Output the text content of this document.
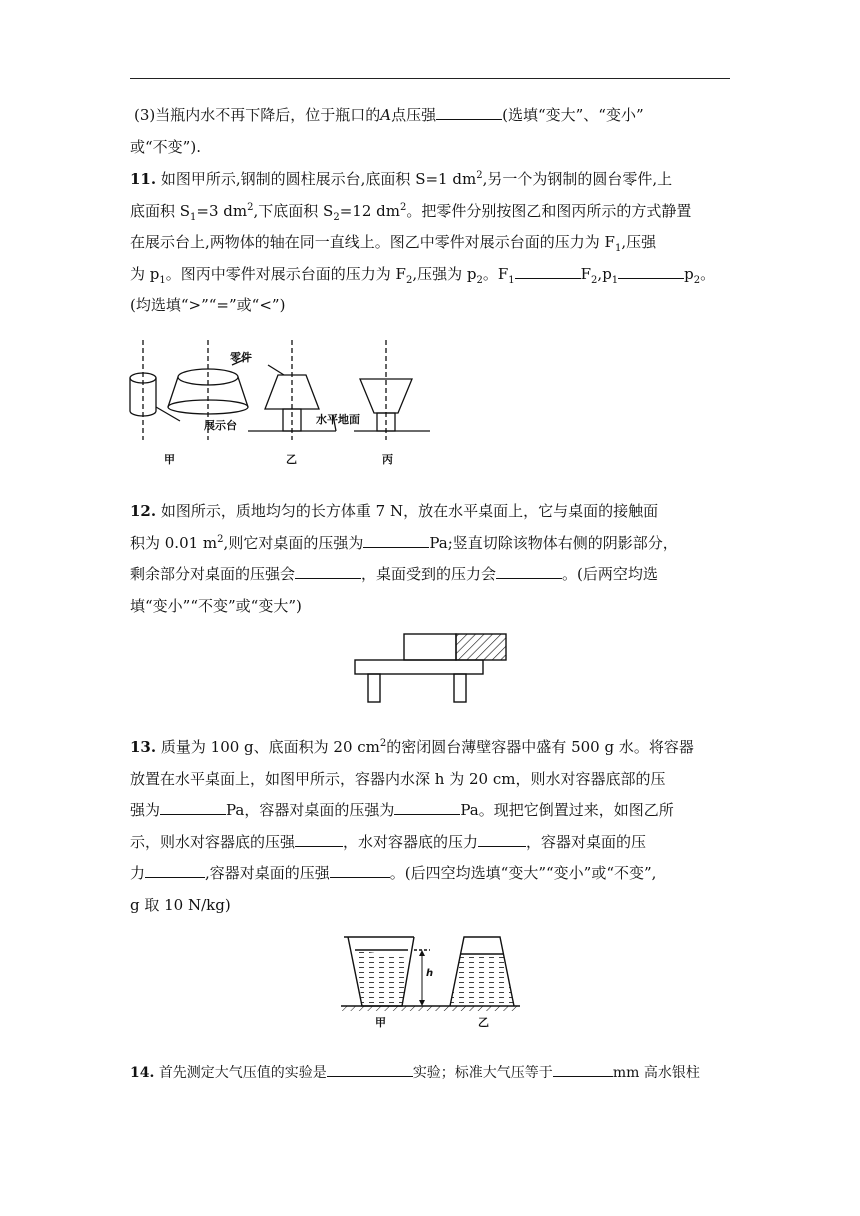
(3)当瓶内水不再下降后，位于瓶口的A点压强	(选填“变大”、“变小”
或“不变”).
11. 如图甲所示,钢制的圆柱展示台,底面积 S=1 $dm^2$,另一个为钢制的圆台零件,上
底面积 $S_1=3$ $dm^2$,下底面积 $S_2=12$ $dm^2$。把零件分别按图乙和图丙所示的方式静置
在展示台上,两物体的轴在同一直线上。图乙中零件对展示台面的压力为 $F_1$,压强
为 $p_1$。图丙中零件对展示台面的压力为 $F_2$,压强为 $p_2$。$F_1$	$F_2,p_1$	$p_2$。
(均选填“>”“=”或“<”)
零件
展示台	水平地面
甲	乙	丙
12. 如图所示，质地均匀的长方体重 7 N，放在水平桌面上，它与桌面的接触面
积为 0.01 $m^2$,则它对桌面的压强为	Pa;竖直切除该物体右侧的阴影部分，
剩余部分对桌面的压强会	，桌面受到的压力会	。(后两空均选
填“变小”“不变”或“变大”)
13. 质量为 100 g、底面积为 20 $cm^2$的密闭圆台薄壁容器中盛有 500 g 水。将容器
放置在水平桌面上，如图甲所示，容器内水深 h 为 20 cm，则水对容器底部的压
强为	Pa，容器对桌面的压强为	Pa。现把它倒置过来，如图乙所
示，则水对容器底的压强	，水对容器底的压力	，容器对桌面的压
力	,容器对桌面的压强	。(后四空均选填“变大”“变小”或“不变”,
g 取 10 N/kg)
h
甲	乙
14. 首先测定大气压值的实验是	实验；标准大气压等于	mm 高水银柱
